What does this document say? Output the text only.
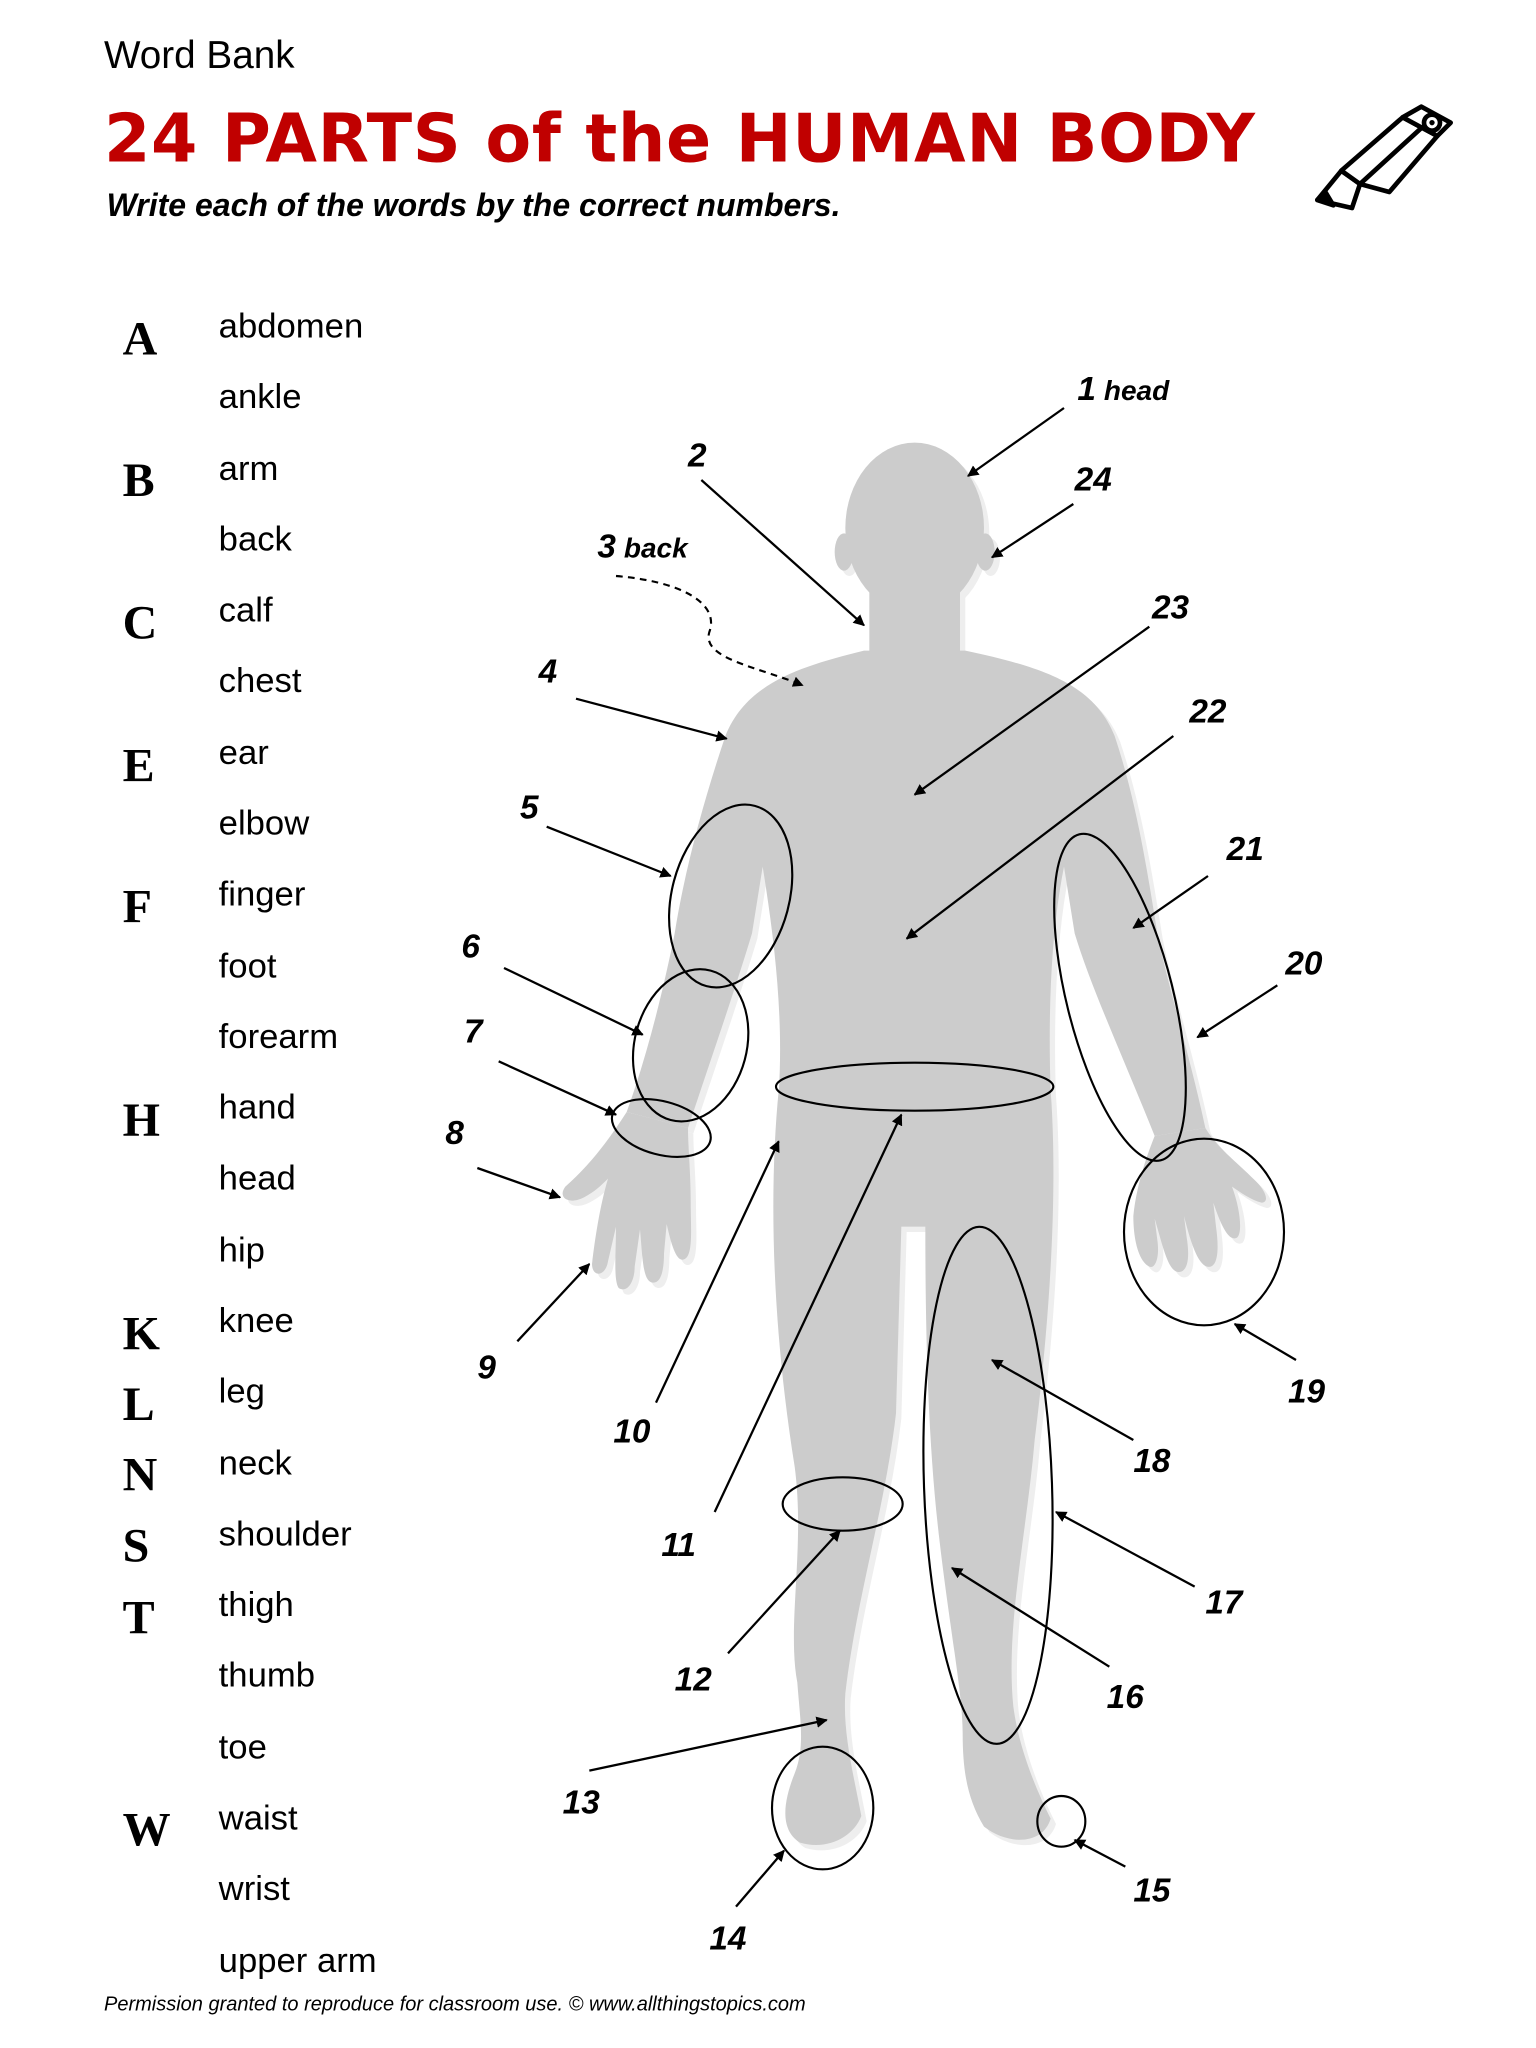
Word Bank
24 PARTS of the HUMAN BODY
Write each of the words by the correct numbers.
A
B
C
E
F
H
K
L
N
S
T
W
abdomen
ankle
arm
back
calf
chest
ear
elbow
finger
foot
forearm
hand
head
hip
knee
leg
neck
shoulder
thigh
thumb
toe
waist
wrist
upper arm
1 head
2
3 back
24
23
4
22
5
21
6	20
7
8
9
10
19
18
11
17
12	16
13
15
14
Permission granted to reproduce for classroom use. © www.allthingstopics.com
